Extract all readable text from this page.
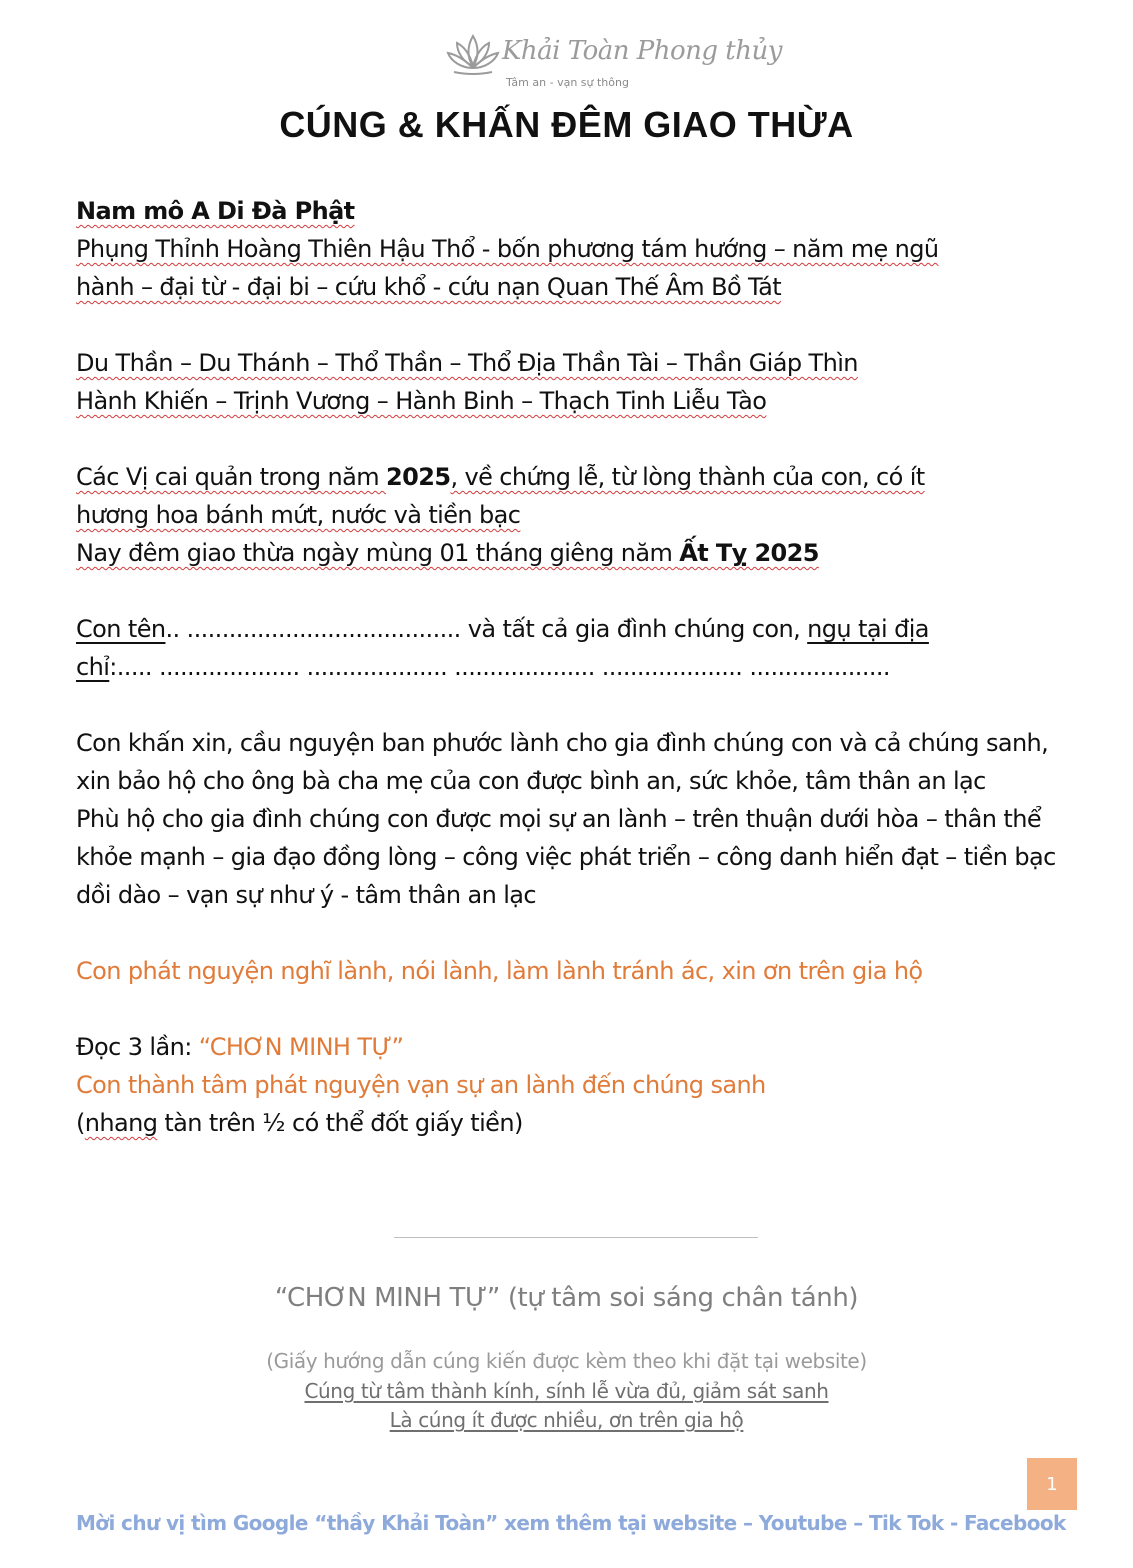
Khải Toàn Phong thủy
Tâm an - vạn sự thông
CÚNG & KHẤN ĐÊM GIAO THỪA

Nam mô A Di Đà Phật

Phụng Thỉnh Hoàng Thiên Hậu Thổ - bốn phương tám hướng – năm mẹ ngũ

hành – đại từ - đại bi – cứu khổ - cứu nạn Quan Thế Âm Bồ Tát

Du Thần – Du Thánh – Thổ Thần – Thổ Địa Thần Tài – Thần Giáp Thìn

Hành Khiến – Trịnh Vương – Hành Binh – Thạch Tinh Liễu Tào

Các Vị cai quản trong năm 2025, về chứng lễ, từ lòng thành của con, có ít

hương hoa bánh mứt, nước và tiền bạc

Nay đêm giao thừa ngày mùng 01 tháng giêng năm Ất Tỵ 2025

Con tên.. ....................................... và tất cả gia đình chúng con, ngụ tại địa

chỉ:..... .................... .................... .................... .................... ....................

Con khấn xin, cầu nguyện ban phước lành cho gia đình chúng con và cả chúng sanh, xin bảo hộ cho ông bà cha mẹ của con được bình an, sức khỏe, tâm thân an lạc

Phù hộ cho gia đình chúng con được mọi sự an lành – trên thuận dưới hòa – thân thể khỏe mạnh – gia đạo đồng lòng – công việc phát triển – công danh hiển đạt – tiền bạc dồi dào – vạn sự như ý - tâm thân an lạc

Con phát nguyện nghĩ lành, nói lành, làm lành tránh ác, xin ơn trên gia hộ

Đọc 3 lần: “CHƠN MINH TỰ”

Con thành tâm phát nguyện vạn sự an lành đến chúng sanh

(nhang tàn trên ½ có thể đốt giấy tiền)

“CHƠN MINH TỰ” (tự tâm soi sáng chân tánh)
(Giấy hướng dẫn cúng kiến được kèm theo khi đặt tại website)
Cúng từ tâm thành kính, sính lễ vừa đủ, giảm sát sanh
Là cúng ít được nhiều, ơn trên gia hộ
1
Mời chư vị tìm Google “thầy Khải Toàn” xem thêm tại website – Youtube – Tik Tok - Facebook
